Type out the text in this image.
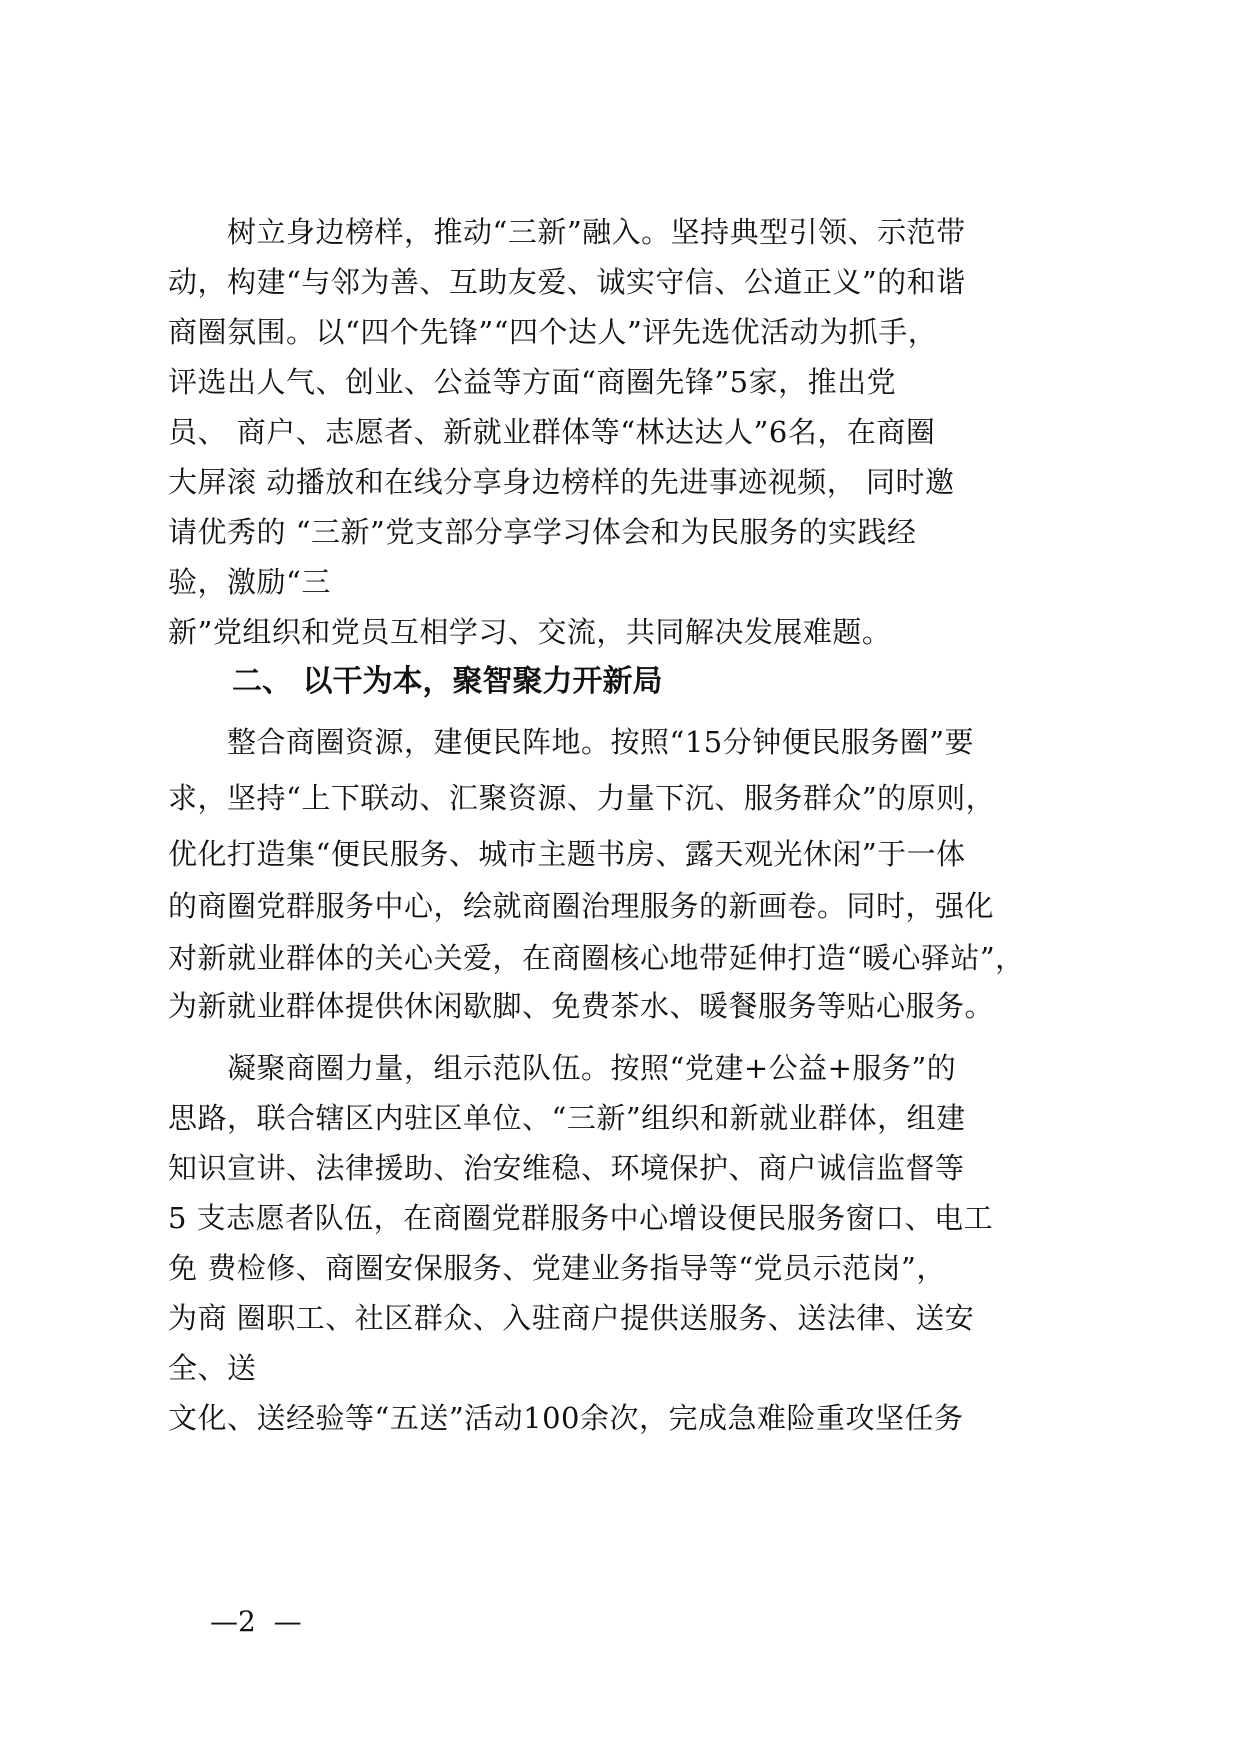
　　树立身边榜样，推动“三新”融入。坚持典型引领、示范带
动，构建“与邻为善、互助友爱、诚实守信、公道正义”的和谐
商圈氛围。以“四个先锋”“四个达人”评先选优活动为抓手，
评选出人气、创业、公益等方面“商圈先锋”5家，推出党
员、 商户、志愿者、新就业群体等“林达达人”6名，在商圈
大屏滚 动播放和在线分享身边榜样的先进事迹视频， 同时邀
请优秀的 “三新”党支部分享学习体会和为民服务的实践经
验，激励“三
新”党组织和党员互相学习、交流，共同解决发展难题。
二、 以干为本，聚智聚力开新局
　　整合商圈资源，建便民阵地。按照“15分钟便民服务圈”要
求，坚持“上下联动、汇聚资源、力量下沉、服务群众”的原则，
优化打造集“便民服务、城市主题书房、露天观光休闲”于一体
的商圈党群服务中心，绘就商圈治理服务的新画卷。同时，强化
对新就业群体的关心关爱，在商圈核心地带延伸打造“暖心驿站”，
为新就业群体提供休闲歇脚、免费茶水、暖餐服务等贴心服务。
　　凝聚商圈力量，组示范队伍。按照“党建+公益+服务”的
思路，联合辖区内驻区单位、“三新”组织和新就业群体，组建
知识宣讲、法律援助、治安维稳、环境保护、商户诚信监督等
5 支志愿者队伍，在商圈党群服务中心增设便民服务窗口、电工
免 费检修、商圈安保服务、党建业务指导等“党员示范岗”，
为商 圈职工、社区群众、入驻商户提供送服务、送法律、送安
全、送
文化、送经验等“五送”活动100余次，完成急难险重攻坚任务
—2  —
